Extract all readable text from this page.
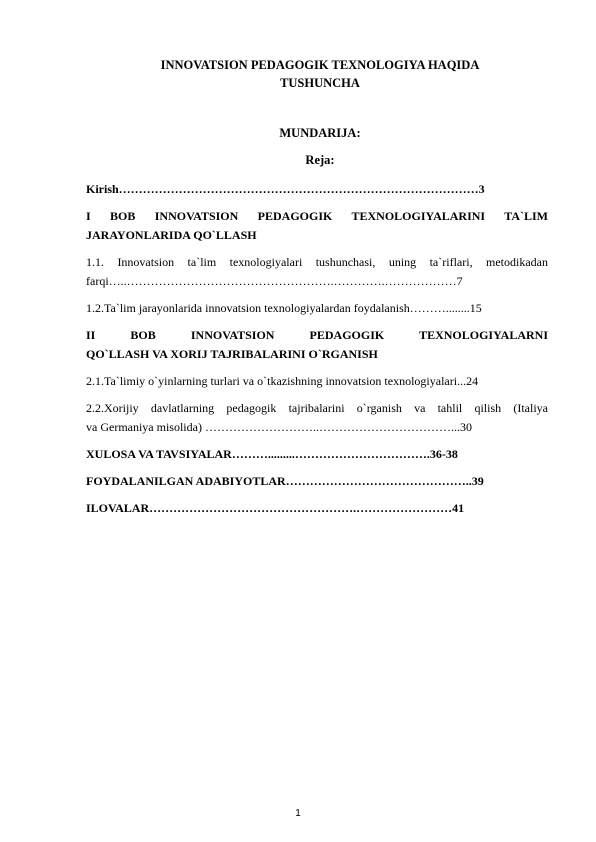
INNOVATSION PEDAGOGIK TEXNOLOGIYA HAQIDA
TUSHUNCHA
MUNDARIJA:
Reja:
Kirish………………………………………………………………………………3
I BOB INNOVATSION PEDAGOGIK TEXNOLOGIYALARINI TA`LIM
JARAYONLARIDA QO`LLASH
1.1. Innovatsion ta`lim texnologiyalari tushunchasi, uning ta`riflari, metodikadan
farqi…..…………………………………………….………….………………7
1.2.Ta`lim jarayonlarida innovatsion texnologiyalardan foydalanish………........15
II BOB INNOVATSION PEDAGOGIK TEXNOLOGIYALARNI
QO`LLASH VA XORIJ TAJRIBALARINI O`RGANISH
2.1.Ta`limiy o`yinlarning turlari va o`tkazishning innovatsion texnologiyalari...24
2.2.Xorijiy davlatlarning pedagogik tajribalarini o`rganish va tahlil qilish (Italiya
va Germaniya misolida) ………………………..……………………………...30
XULOSA VA TAVSIYALAR……….........…………………………….36-38
FOYDALANILGAN ADABIYOTLAR………………………………………..39
ILOVALAR…………………………………………….……………………41
1
